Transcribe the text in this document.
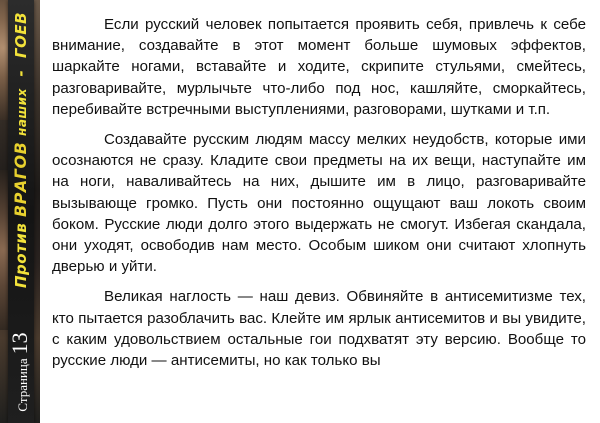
Против ВРАГОВ наших - ГОЕВ
Страница13

Если русский человек попытается проявить себя, привлечь к себе внимание, создавайте в этот момент больше шумовых эффектов, шаркайте ногами, вставайте и ходите, скрипите стульями, смейтесь, разговаривайте, мурлычьте что-либо под нос, кашляйте, сморкайтесь, перебивайте встречными выступлениями, разговорами, шутками и т.п.

Создавайте русским людям массу мелких неудобств, которые ими осознаются не сразу. Кладите свои предметы на их вещи, наступайте им на ноги, наваливайтесь на них, дышите им в лицо, разговаривайте вызывающе громко. Пусть они постоянно ощущают ваш локоть своим боком. Русские люди долго этого выдержать не смогут. Избегая скандала, они уходят, освободив нам место. Особым шиком они считают хлопнуть дверью и уйти.

Великая наглость — наш девиз. Обвиняйте в антисемитизме тех, кто пытается разоблачить вас. Клейте им ярлык антисемитов и вы увидите, с каким удовольствием остальные гои подхватят эту версию. Вообще то русские люди — антисемиты, но как только вы
